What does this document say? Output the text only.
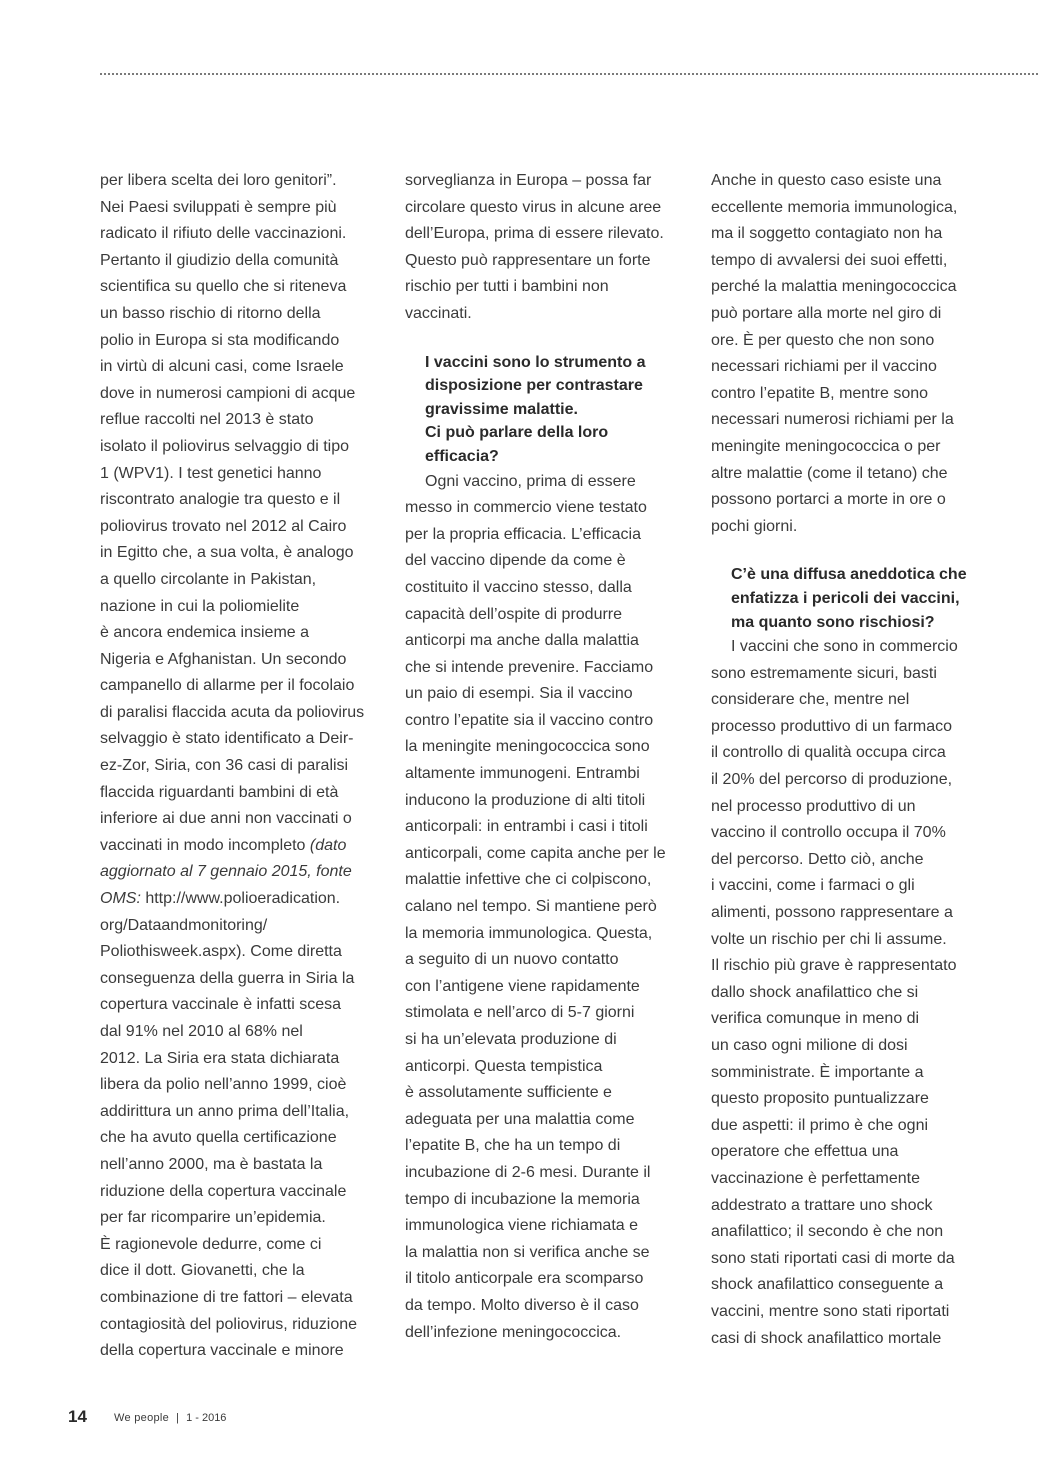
per libera scelta dei loro genitori”.
Nei Paesi sviluppati è sempre più
radicato il rifiuto delle vaccinazioni.
Pertanto il giudizio della comunità
scientifica su quello che si riteneva
un basso rischio di ritorno della
polio in Europa si sta modificando
in virtù di alcuni casi, come Israele
dove in numerosi campioni di acque
reflue raccolti nel 2013 è stato
isolato il poliovirus selvaggio di tipo
1 (WPV1). I test genetici hanno
riscontrato analogie tra questo e il
poliovirus trovato nel 2012 al Cairo
in Egitto che, a sua volta, è analogo
a quello circolante in Pakistan,
nazione in cui la poliomielite
è ancora endemica insieme a
Nigeria e Afghanistan. Un secondo
campanello di allarme per il focolaio
di paralisi flaccida acuta da poliovirus
selvaggio è stato identificato a Deir-
ez-Zor, Siria, con 36 casi di paralisi
flaccida riguardanti bambini di età
inferiore ai due anni non vaccinati o
vaccinati in modo incompleto (dato
aggiornato al 7 gennaio 2015, fonte
OMS: http://www.polioeradication.
org/Dataandmonitoring/
Poliothisweek.aspx). Come diretta
conseguenza della guerra in Siria la
copertura vaccinale è infatti scesa
dal 91% nel 2010 al 68% nel
2012. La Siria era stata dichiarata
libera da polio nell’anno 1999, cioè
addirittura un anno prima dell’Italia,
che ha avuto quella certificazione
nell’anno 2000, ma è bastata la
riduzione della copertura vaccinale
per far ricomparire un’epidemia.
È ragionevole dedurre, come ci
dice il dott. Giovanetti, che la
combinazione di tre fattori – elevata
contagiosità del poliovirus, riduzione
della copertura vaccinale e minore
sorveglianza in Europa – possa far
circolare questo virus in alcune aree
dell’Europa, prima di essere rilevato.
Questo può rappresentare un forte
rischio per tutti i bambini non
vaccinati.
I vaccini sono lo strumento a
disposizione per contrastare
gravissime malattie.
Ci può parlare della loro
efficacia?
Ogni vaccino, prima di essere
messo in commercio viene testato
per la propria efficacia. L’efficacia
del vaccino dipende da come è
costituito il vaccino stesso, dalla
capacità dell’ospite di produrre
anticorpi ma anche dalla malattia
che si intende prevenire. Facciamo
un paio di esempi. Sia il vaccino
contro l’epatite sia il vaccino contro
la meningite meningococcica sono
altamente immunogeni. Entrambi
inducono la produzione di alti titoli
anticorpali: in entrambi i casi i titoli
anticorpali, come capita anche per le
malattie infettive che ci colpiscono,
calano nel tempo. Si mantiene però
la memoria immunologica. Questa,
a seguito di un nuovo contatto
con l’antigene viene rapidamente
stimolata e nell’arco di 5-7 giorni
si ha un’elevata produzione di
anticorpi. Questa tempistica
è assolutamente sufficiente e
adeguata per una malattia come
l’epatite B, che ha un tempo di
incubazione di 2-6 mesi. Durante il
tempo di incubazione la memoria
immunologica viene richiamata e
la malattia non si verifica anche se
il titolo anticorpale era scomparso
da tempo. Molto diverso è il caso
dell’infezione meningococcica.
Anche in questo caso esiste una
eccellente memoria immunologica,
ma il soggetto contagiato non ha
tempo di avvalersi dei suoi effetti,
perché la malattia meningococcica
può portare alla morte nel giro di
ore. È per questo che non sono
necessari richiami per il vaccino
contro l’epatite B, mentre sono
necessari numerosi richiami per la
meningite meningococcica o per
altre malattie (come il tetano) che
possono portarci a morte in ore o
pochi giorni.
C’è una diffusa aneddotica che
enfatizza i pericoli dei vaccini,
ma quanto sono rischiosi?
I vaccini che sono in commercio
sono estremamente sicuri, basti
considerare che, mentre nel
processo produttivo di un farmaco
il controllo di qualità occupa circa
il 20% del percorso di produzione,
nel processo produttivo di un
vaccino il controllo occupa il 70%
del percorso. Detto ciò, anche
i vaccini, come i farmaci o gli
alimenti, possono rappresentare a
volte un rischio per chi li assume.
Il rischio più grave è rappresentato
dallo shock anafilattico che si
verifica comunque in meno di
un caso ogni milione di dosi
somministrate. È importante a
questo proposito puntualizzare
due aspetti: il primo è che ogni
operatore che effettua una
vaccinazione è perfettamente
addestrato a trattare uno shock
anafilattico; il secondo è che non
sono stati riportati casi di morte da
shock anafilattico conseguente a
vaccini, mentre sono stati riportati
casi di shock anafilattico mortale
14 We people | 1 - 2016
